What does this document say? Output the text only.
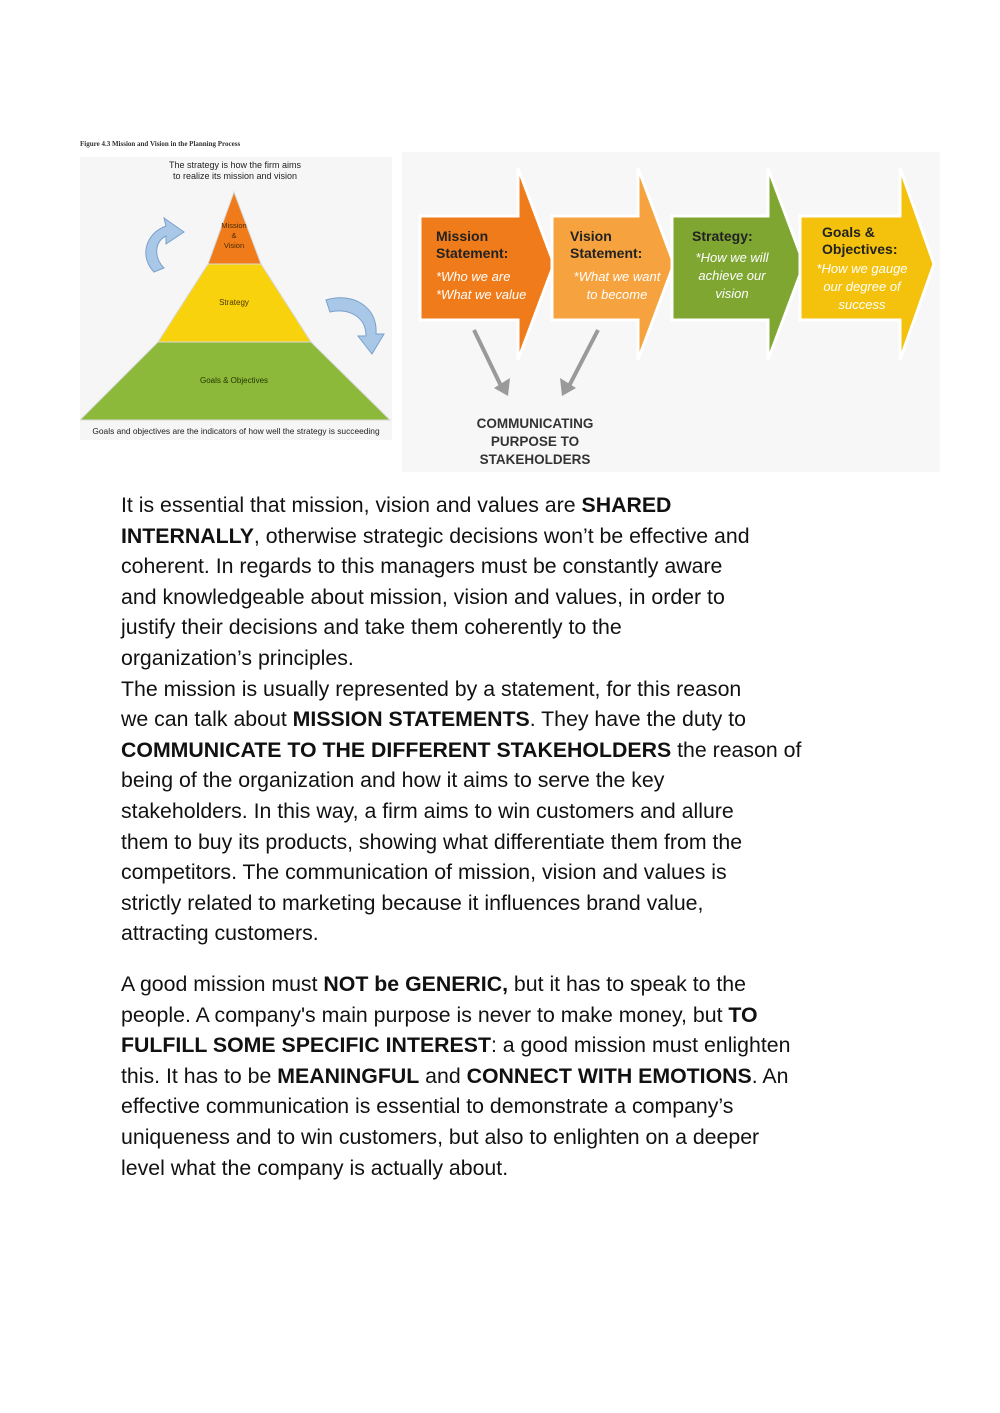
Figure 4.3 Mission and Vision in the Planning Process
The strategy is how the firm aims
to realize its mission and vision
Mission
&
Vision
Strategy
Goals & Objectives
Goals and objectives are the indicators of how well the strategy is succeeding
Mission
Statement:
*Who we are
*What we value
Vision
Statement:
*What we want
to become
Strategy:
*How we will
achieve our
vision
Goals &
Objectives:
*How we gauge
our degree of
success
COMMUNICATING
PURPOSE TO
STAKEHOLDERS

It is essential that mission, vision and values are SHARED
INTERNALLY, otherwise strategic decisions won’t be effective and
coherent. In regards to this managers must be constantly aware
and knowledgeable about mission, vision and values, in order to
justify their decisions and take them coherently to the
organization’s principles.
The mission is usually represented by a statement, for this reason
we can talk about MISSION STATEMENTS. They have the duty to
COMMUNICATE TO THE DIFFERENT STAKEHOLDERS the reason of
being of the organization and how it aims to serve the key
stakeholders. In this way, a firm aims to win customers and allure
them to buy its products, showing what differentiate them from the
competitors. The communication of mission, vision and values is
strictly related to marketing because it influences brand value,
attracting customers.

A good mission must NOT be GENERIC, but it has to speak to the
people. A company's main purpose is never to make money, but TO
FULFILL SOME SPECIFIC INTEREST: a good mission must enlighten
this. It has to be MEANINGFUL and CONNECT WITH EMOTIONS. An
effective communication is essential to demonstrate a company’s
uniqueness and to win customers, but also to enlighten on a deeper
level what the company is actually about.
